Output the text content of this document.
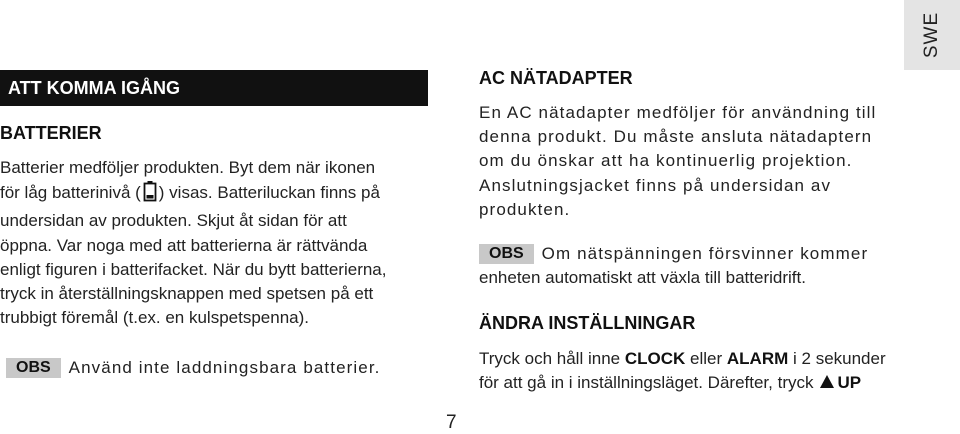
SWE
ATT KOMMA IGÅNG
BATTERIER

Batterier medföljer produkten. Byt dem när ikonen

för låg batterinivå ( ) visas. Batteriluckan finns på

undersidan av produkten. Skjut åt sidan för att

öppna. Var noga med att batterierna är rättvända

enligt figuren i batterifacket. När du bytt batterierna,

tryck in återställningsknappen med spetsen på ett

trubbigt föremål (t.ex. en kulspetspenna).

OBS Använd inte laddningsbara batterier.
AC NÄTADAPTER

En AC nätadapter medföljer för användning till

denna produkt. Du måste ansluta nätadaptern

om du önskar att ha kontinuerlig projektion.

Anslutningsjacket finns på undersidan av

produkten.

OBS Om nätspänningen försvinner kommer
enheten automatiskt att växla till batteridrift.
ÄNDRA INSTÄLLNINGAR

Tryck och håll inne CLOCK eller ALARM i 2 sekunder

för att gå in i inställningsläget. Därefter, tryck UP

7
